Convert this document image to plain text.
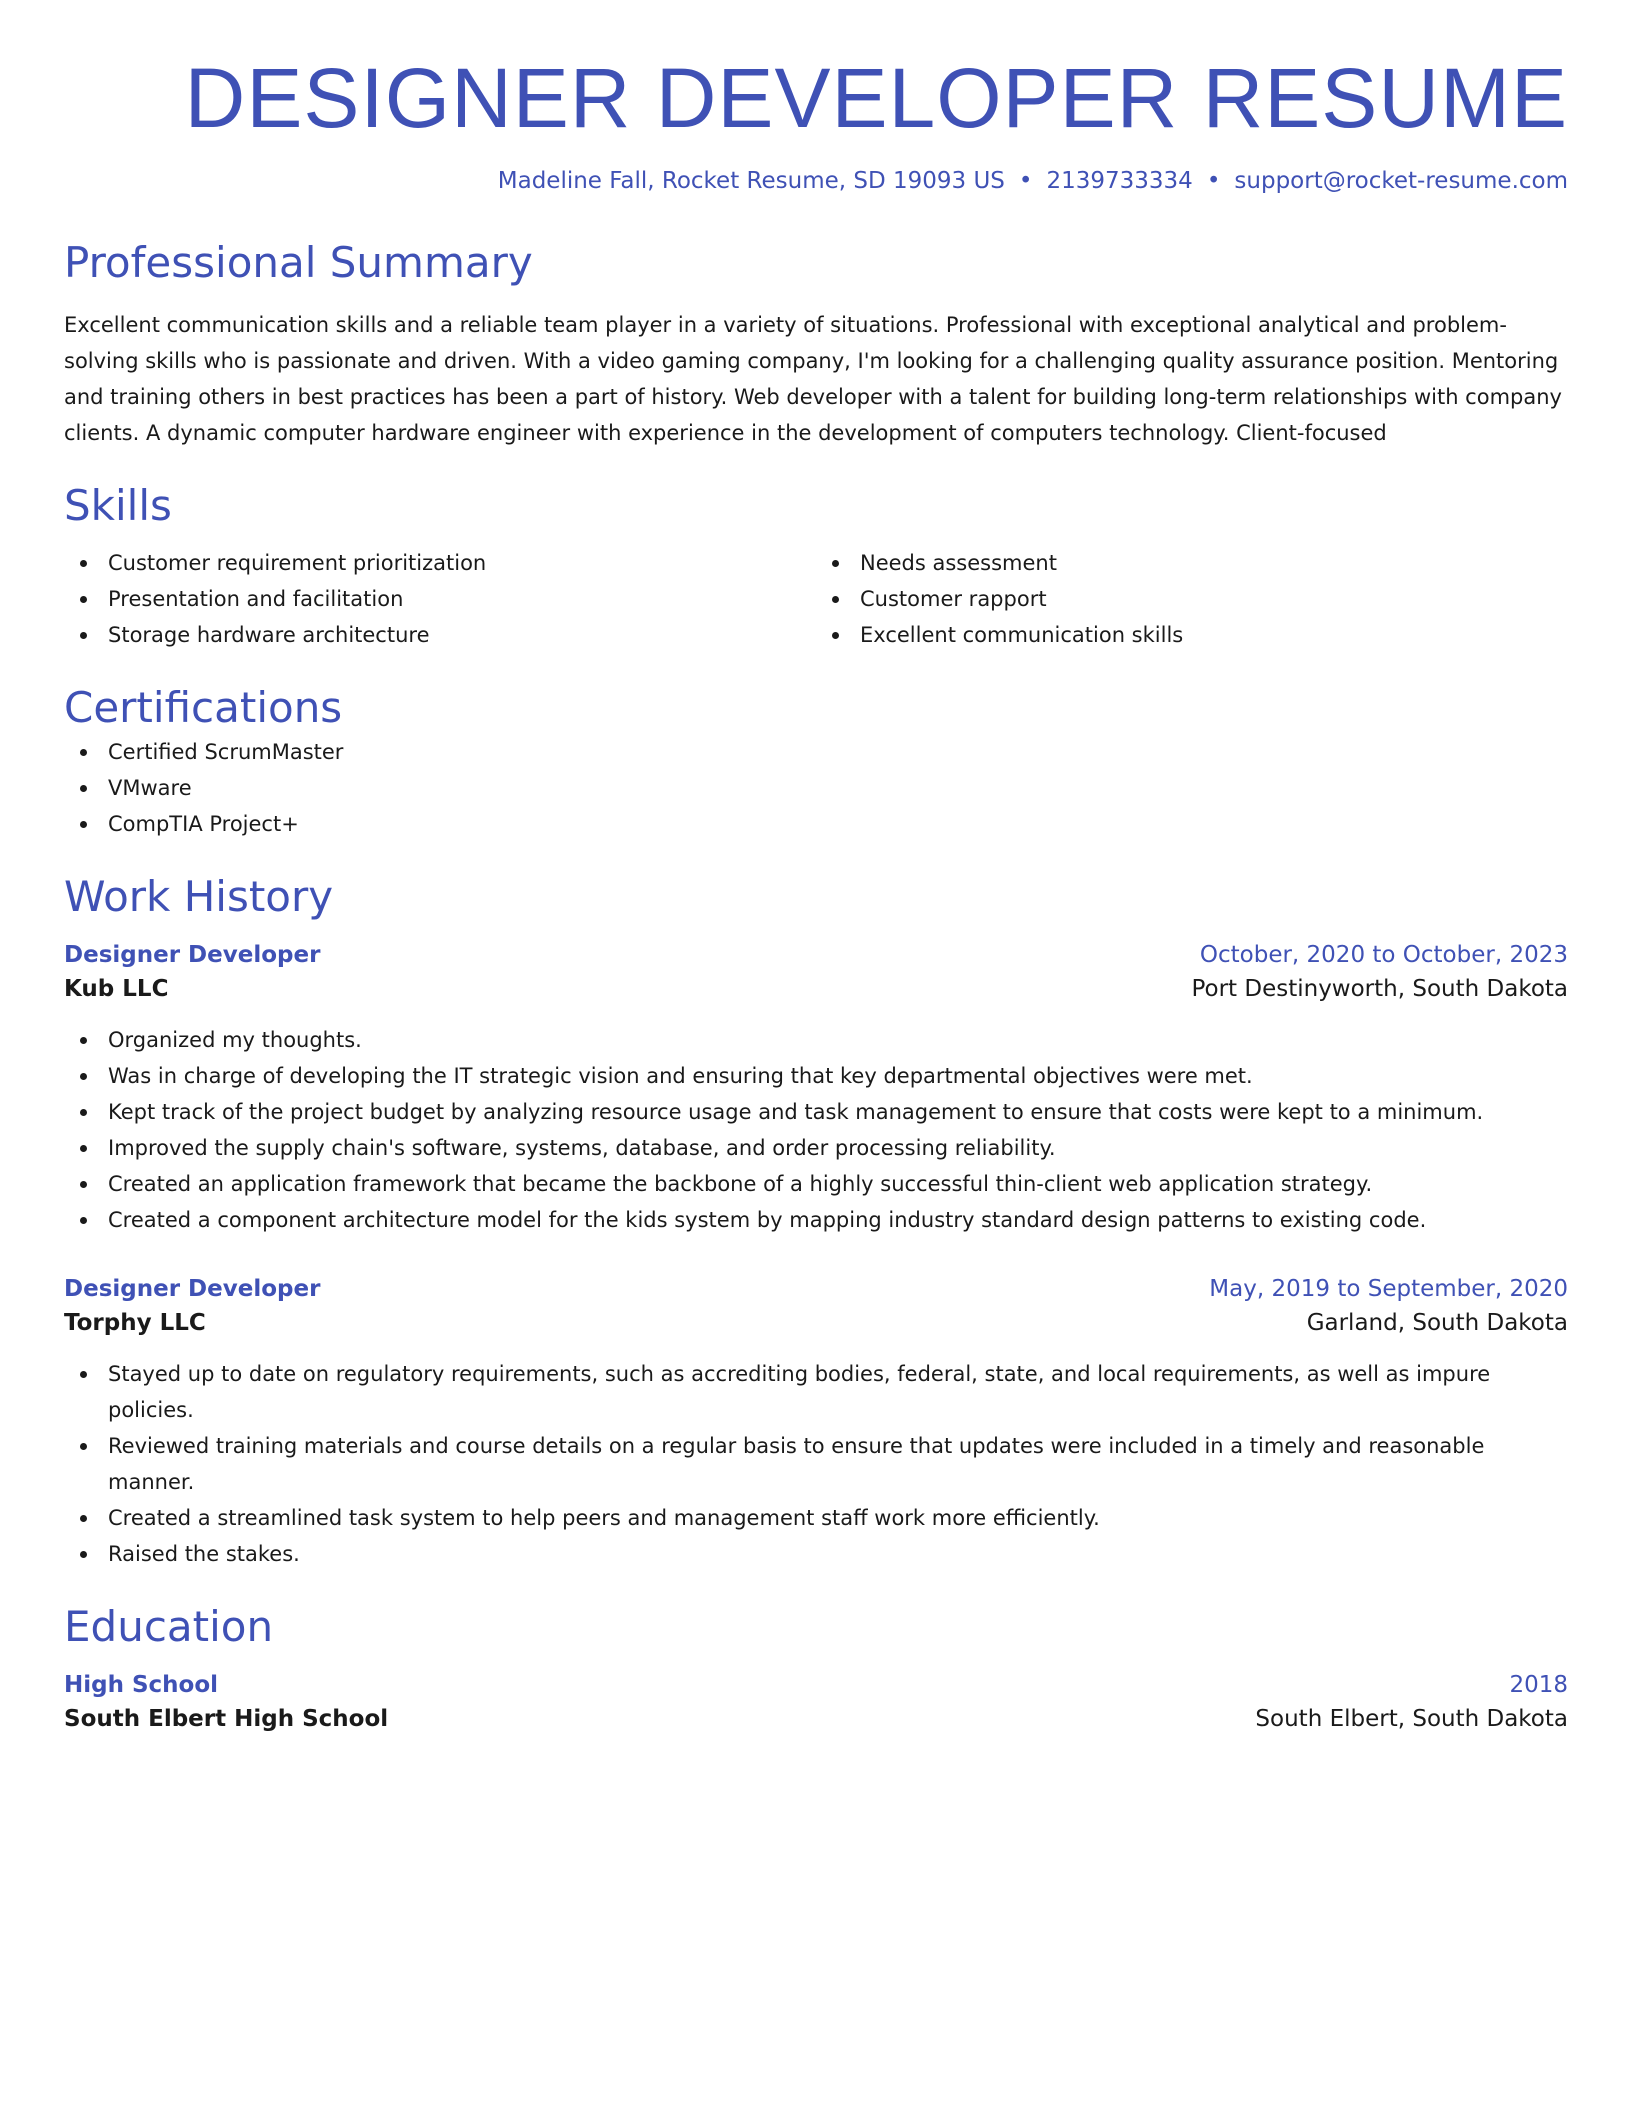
DESIGNER DEVELOPER RESUME
Madeline Fall, Rocket Resume, SD 19093 US • 2139733334 • support@rocket-resume.com
Professional Summary
Excellent communication skills and a reliable team player in a variety of situations. Professional with exceptional analytical and problem-solving skills who is passionate and driven. With a video gaming company, I'm looking for a challenging quality assurance position. Mentoring and training others in best practices has been a part of history. Web developer with a talent for building long-term relationships with company clients. A dynamic computer hardware engineer with experience in the development of computers technology. Client-focused
Skills
Customer requirement prioritization
Presentation and facilitation
Storage hardware architecture
Needs assessment
Customer rapport
Excellent communication skills
Certifications
Certified ScrumMaster
VMware
CompTIA Project+
Work History
Designer Developer	October, 2020 to October, 2023
Kub LLC	Port Destinyworth, South Dakota
Organized my thoughts.
Was in charge of developing the IT strategic vision and ensuring that key departmental objectives were met.
Kept track of the project budget by analyzing resource usage and task management to ensure that costs were kept to a minimum.
Improved the supply chain's software, systems, database, and order processing reliability.
Created an application framework that became the backbone of a highly successful thin-client web application strategy.
Created a component architecture model for the kids system by mapping industry standard design patterns to existing code.
Designer Developer	May, 2019 to September, 2020
Torphy LLC	Garland, South Dakota
Stayed up to date on regulatory requirements, such as accrediting bodies, federal, state, and local requirements, as well as impure policies.
Reviewed training materials and course details on a regular basis to ensure that updates were included in a timely and reasonable manner.
Created a streamlined task system to help peers and management staff work more efficiently.
Raised the stakes.
Education
High School	2018
South Elbert High School	South Elbert, South Dakota
